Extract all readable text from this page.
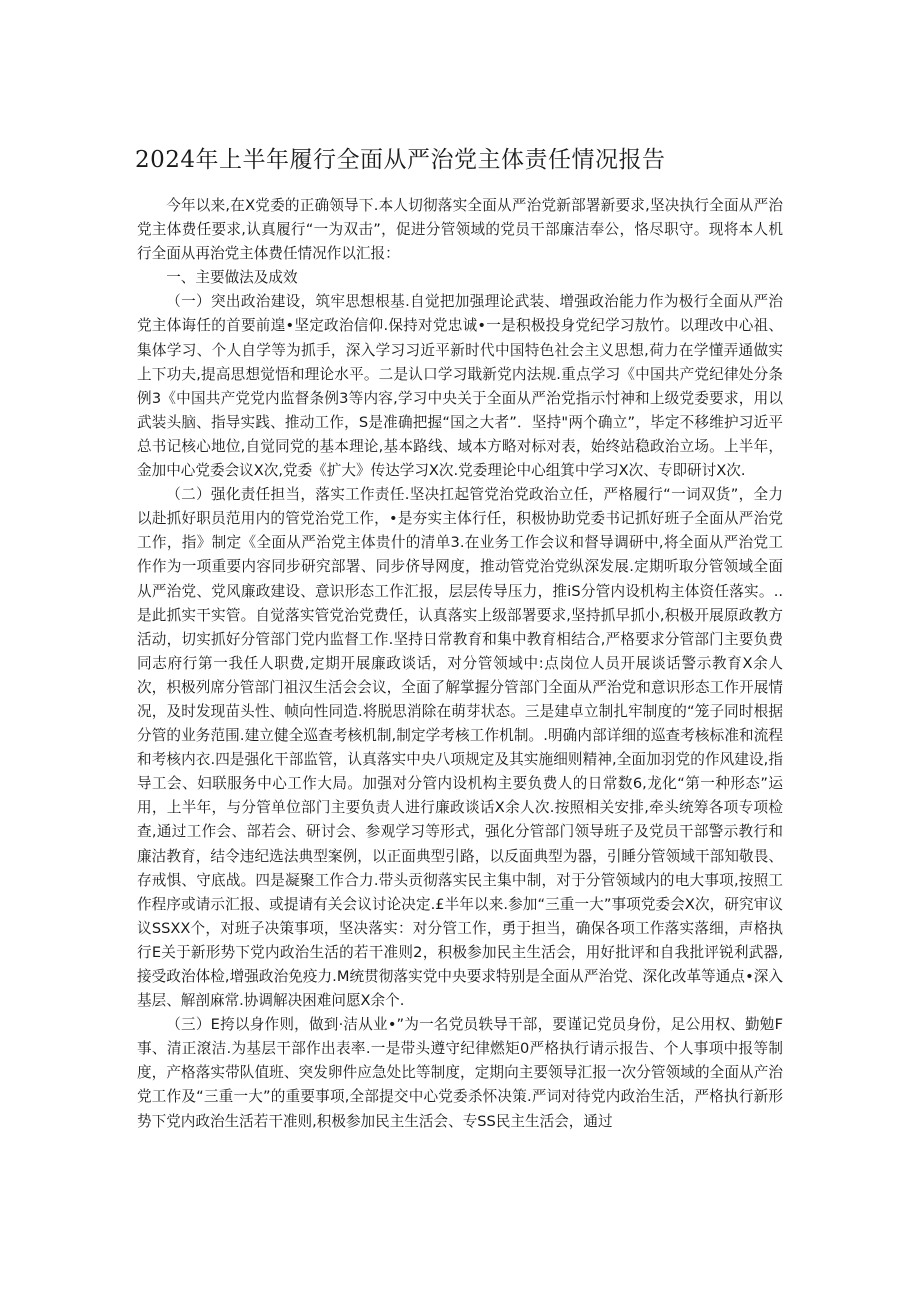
2024年上半年履行全面从严治党主体责任情况报告

今年以来,在X党委的正确领导下.本人切彻落实全面从严治党新部署新要求,坚决执行全面从严治党主体费任要求,认真履行“一为双击”，促进分管领域的党员干部廉洁奉公，恪尽职守。现将本人机行全面从再治党主体费任情况作以汇报：

一、主要做法及成效

（一）突出政治建设，筑牢思想根基.自觉把加强理论武装、增强政治能力作为极行全面从严治党主体诲任的首要前遑•坚定政治信仰.保持对党忠诚•一是积极投身党纪学习敖竹。以理改中心祖、集体学习、个人自学等为抓手，深入学习习近平新时代中国特色社会主义思想,荷力在学懂弄通做实上下功夫,提高思想觉悟和理论水平。二是认口学习戢新党内法规.重点学习《中国共产党纪律处分条例3《中国共产党党内监督条例3等内容,学习中央关于全面从严治党指示忖神和上级党委要求，用以武装头脑、指导实践、推动工作，S是准确把握“国之大者”．坚持"两个确立”，毕定不移维护习近平总书记核心地位,自觉同党的基本理论,基本路线、域本方略对标对表，始终站稳政治立场。上半年，金加中心党委会议X次,党委《扩大》传达学习X次.党委理论中心组箕中学习X次、专即研讨X次.

（二）强化责任担当，落实工作责任.坚决扛起管党治党政治立任，严格履行“一词双货”，全力以赴抓好职员范用内的管党治党工作，•是夯实主体行任，积极协助党委书记抓好班子全面从严治党工作，指》制定《全面从严治党主体贵什的清单3.在业务工作会议和督导调研中,将全面从严治党工作作为一项重要内容同步研究部署、同步侪导网度，推动管党治党纵深发展.定期听取分管领域全面从严治党、党风廉政建设、意识形态工作汇报，层层传导压力，推iS分管内设机构主体资任落实。..是此抓实干实管。自觉落实管党治党费任，认真落实上级部署要求,坚持抓早抓小,积极开展原政教方活动，切实抓好分管部门党内监督工作.坚持日常教育和集中教育相结合,严格要求分管部门主要负费同志府行第一我任人职费,定期开展廉政谈话，对分管领域中:点岗位人员开展谈话警示教育X余人次，枳极列席分管部门祖汉生活会会议，全面了解掌握分管部门全面从严治党和意识形态工作开展情况，及时发现苗头性、帧向性同造.将脱思消除在萌芽状态。三是建卓立制扎牢制度的“笼子同时根据分管的业务范围.建立健全巡查考核机制,制定学考核工作机制。.明确内部详细的巡查考核标准和流程和考核内衣.四是强化干部监管，认真落实中央八项规定及其实施细则精神,全面加羽党的作风建设,指导工会、妇联服务中心工作大局。加强对分管内设机构主要负费人的日常数6,龙化“第一种形态”运用，上半年，与分管单位部门主要负责人进行廉政谈话X余人次.按照相关安排,牵头统筹各项专项检查,通过工作会、部若会、研讨会、参观学习等形式，强化分管部门领导班子及党员干部警示教行和廉沽教育，结令违纪选法典型案例，以正面典型引路，以反面典型为器，引睡分管领域干部知敬畏、存戒惧、守底战。四是凝聚工作合力.带头贡彻落实民主集中制，对于分管领域内的电大事项,按照工作程序或请示汇报、或提请有关会议讨论决定.£半年以来.参加“三重一大”事项党委会X次，研究审议议SSXX个，对班子决策事项，坚决落实：对分管工作，勇于担当，确保各项工作落实落细，声格执行E关于新形势下党内政治生活的若干准则2，积极参加民主生活会，用好批评和自我批评锐利武器,接受政治体检,增强政治免疫力.M统贯彻落实党中央要求特别是全面从严治党、深化改革等通点•深入基层、解剖麻常.协调解决困难问愿X余个.

（三）E挎以身作则，做到·洁从业•”为一名党员轶导干部，要谨记党员身份，足公用权、勤勉F事、清正滾洁.为基层干部作出表率.一是带头遵守纪律燃矩0严格执行请示报告、个人事项中报等制度，产格落实带队值班、突发卵件应急处比等制度，定期向主要领导汇报一次分管领域的全面从产治党工作及“三重一大”的重要事项,全部提交中心党委杀怀决策.严词对待党内政治生活，严格执行新形势下党内政治生活若干准则,积极参加民主生活会、专SS民主生活会，通过
